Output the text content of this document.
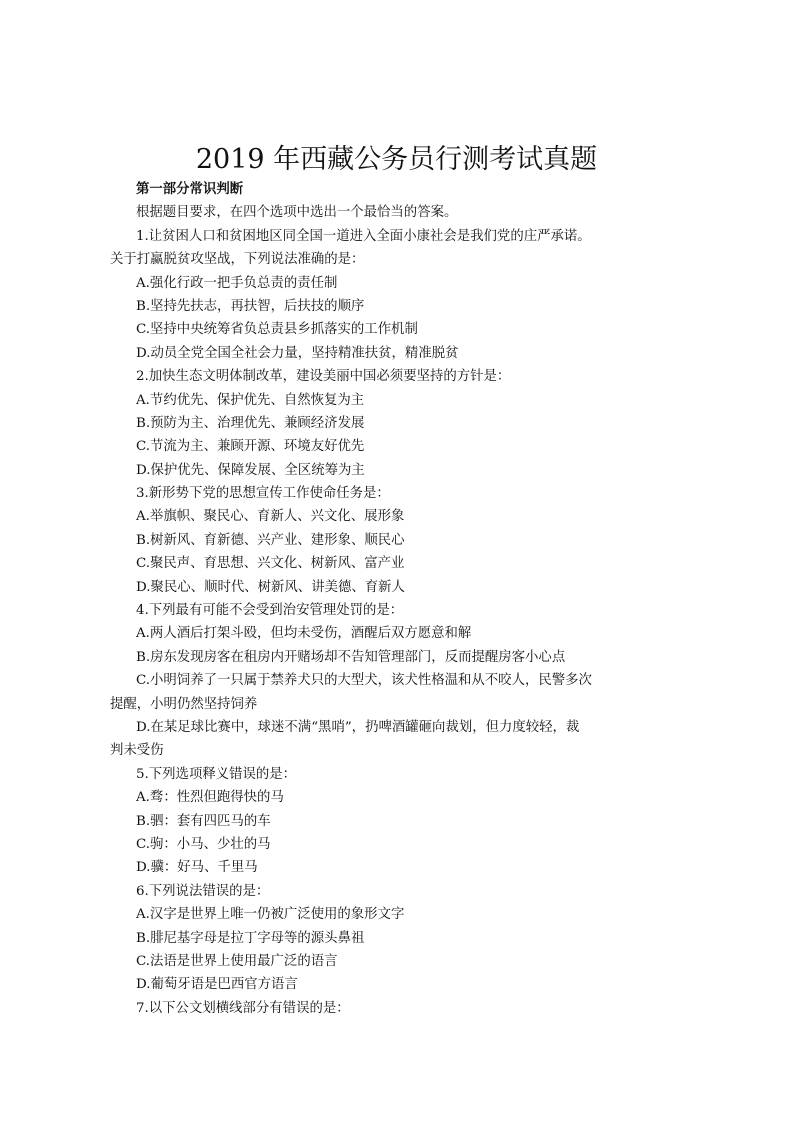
2019 年西藏公务员行测考试真题
第一部分常识判断
根据题目要求，在四个选项中选出一个最恰当的答案。
1.让贫困人口和贫困地区同全国一道进入全面小康社会是我们党的庄严承诺。
关于打赢脱贫攻坚战，下列说法准确的是：
A.强化行政一把手负总责的责任制
B.坚持先扶志，再扶智，后扶技的顺序
C.坚持中央统筹省负总责县乡抓落实的工作机制
D.动员全党全国全社会力量，坚持精准扶贫，精准脱贫
2.加快生态文明体制改革，建设美丽中国必须要坚持的方针是：
A.节约优先、保护优先、自然恢复为主
B.预防为主、治理优先、兼顾经济发展
C.节流为主、兼顾开源、环境友好优先
D.保护优先、保障发展、全区统筹为主
3.新形势下党的思想宣传工作使命任务是：
A.举旗帜、聚民心、育新人、兴文化、展形象
B.树新风、育新德、兴产业、建形象、顺民心
C.聚民声、育思想、兴文化、树新风、富产业
D.聚民心、顺时代、树新风、讲美德、育新人
4.下列最有可能不会受到治安管理处罚的是：
A.两人酒后打架斗殴，但均未受伤，酒醒后双方愿意和解
B.房东发现房客在租房内开赌场却不告知管理部门，反而提醒房客小心点
C.小明饲养了一只属于禁养犬只的大型犬，该犬性格温和从不咬人，民警多次
提醒，小明仍然坚持饲养
D.在某足球比赛中，球迷不满“黑哨”，扔啤酒罐砸向裁划，但力度较轻，裁
判未受伤
5.下列选项释义错误的是：
A.骛：性烈但跑得快的马
B.驷：套有四匹马的车
C.驹：小马、少壮的马
D.骥：好马、千里马
6.下列说法错误的是：
A.汉字是世界上唯一仍被广泛使用的象形文字
B.腓尼基字母是拉丁字母等的源头鼻祖
C.法语是世界上使用最广泛的语言
D.葡萄牙语是巴西官方语言
7.以下公文划横线部分有错误的是：
